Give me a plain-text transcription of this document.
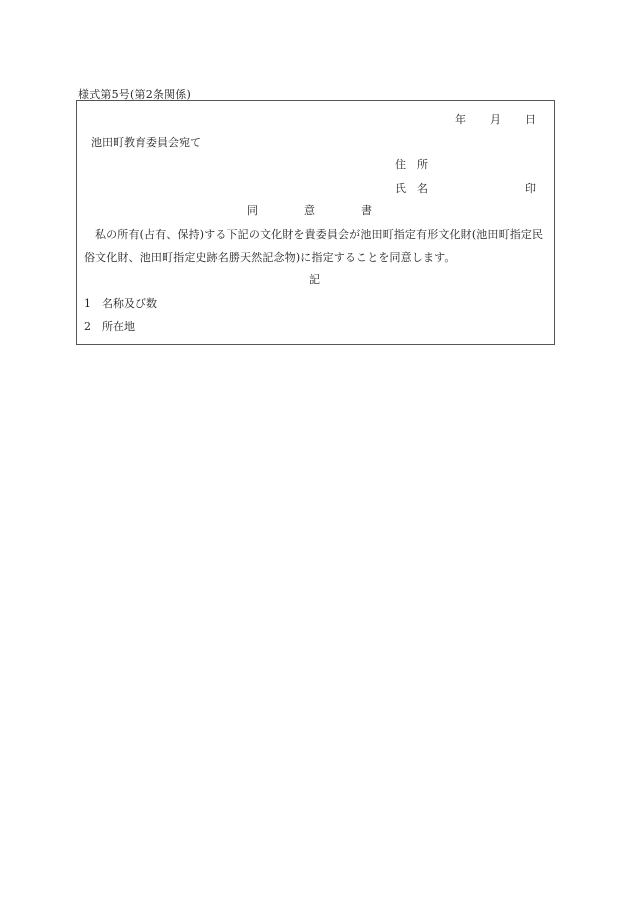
様式第5号(第2条関係)
年 月 日
池田町教育委員会宛て
住　所
氏　名	印
同	意	書
私の所有(占有、保持)する下記の文化財を貴委員会が池田町指定有形文化財(池田町指定民俗文化財、池田町指定史跡名勝天然記念物)に指定することを同意します。
記
1 名称及び数
2 所在地
